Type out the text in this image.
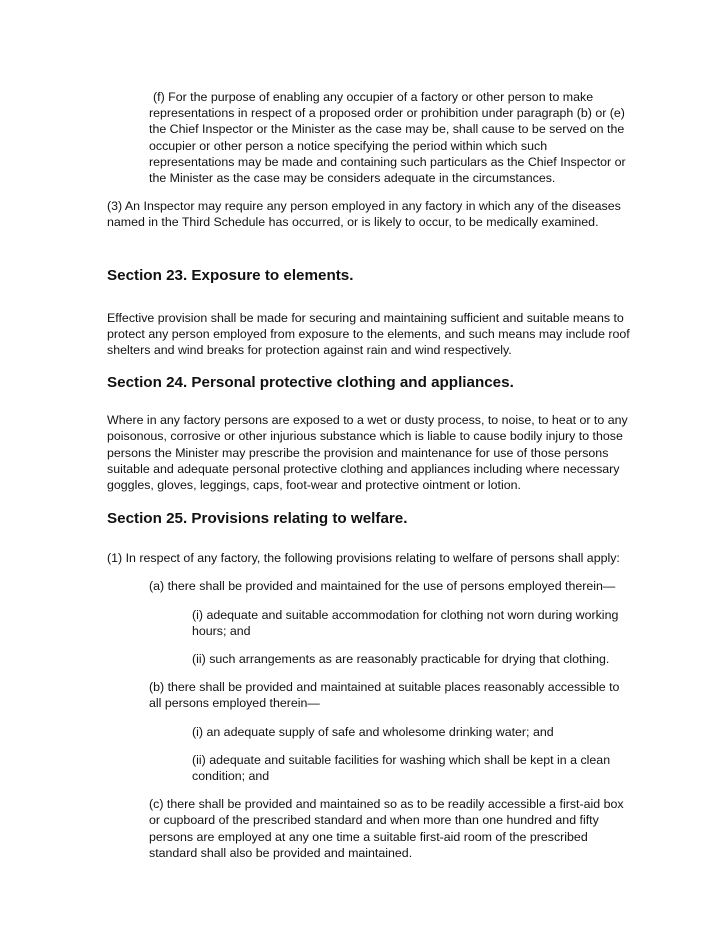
(f) For the purpose of enabling any occupier of a factory or other person to make representations in respect of a proposed order or prohibition under paragraph (b) or (e) the Chief Inspector or the Minister as the case may be, shall cause to be served on the occupier or other person a notice specifying the period within which such representations may be made and containing such particulars as the Chief Inspector or the Minister as the case may be considers adequate in the circumstances.

(3) An Inspector may require any person employed in any factory in which any of the diseases named in the Third Schedule has occurred, or is likely to occur, to be medically examined.

Section 23. Exposure to elements.

Effective provision shall be made for securing and maintaining sufficient and suitable means to protect any person employed from exposure to the elements, and such means may include roof shelters and wind breaks for protection against rain and wind respectively.

Section 24. Personal protective clothing and appliances.

Where in any factory persons are exposed to a wet or dusty process, to noise, to heat or to any poisonous, corrosive or other injurious substance which is liable to cause bodily injury to those persons the Minister may prescribe the provision and maintenance for use of those persons suitable and adequate personal protective clothing and appliances including where necessary goggles, gloves, leggings, caps, foot-wear and protective ointment or lotion.

Section 25. Provisions relating to welfare.

(1) In respect of any factory, the following provisions relating to welfare of persons shall apply:

(a) there shall be provided and maintained for the use of persons employed therein—

(i) adequate and suitable accommodation for clothing not worn during working hours; and

(ii) such arrangements as are reasonably practicable for drying that clothing.

(b) there shall be provided and maintained at suitable places reasonably accessible to all persons employed therein—

(i) an adequate supply of safe and wholesome drinking water; and

(ii) adequate and suitable facilities for washing which shall be kept in a clean condition; and

(c) there shall be provided and maintained so as to be readily accessible a first-aid box or cupboard of the prescribed standard and when more than one hundred and fifty persons are employed at any one time a suitable first-aid room of the prescribed standard shall also be provided and maintained.
